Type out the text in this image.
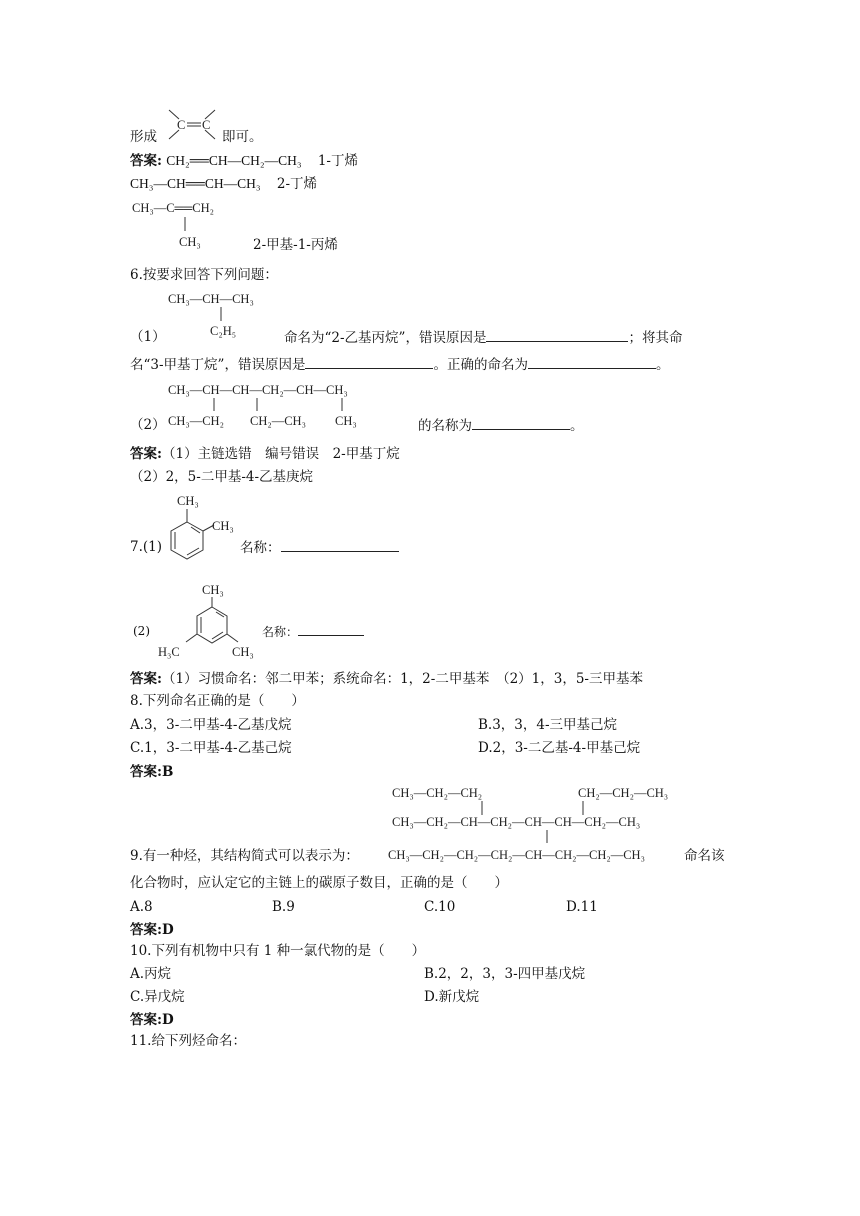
形成
C C
即可。
答案: CH₂══CH—CH₂—CH₃ 1-丁烯
CH₃—CH══CH—CH₃ 2-丁烯
CH₃—C══CH₂
CH₃	2-甲基-1-丙烯
6.按要求回答下列问题：
CH₃—CH—CH₃
C₂H₅
（1）	命名为“2-乙基丙烷”，错误原因是	；将其命
名“3-甲基丁烷”，错误原因是	。正确的命名为	。
CH₃—CH—CH—CH₂—CH—CH₃
CH₃—CH₂ CH₂—CH₃ CH₃
（2）	的名称为	。
答案:（1）主链选错　编号错误　2-甲基丁烷
（2）2，5-二甲基-4-乙基庚烷
CH₃
CH₃
7.(1)	名称：
CH₃
H₃C	CH₃
(2)	名称：
答案:（1）习惯命名：邻二甲苯；系统命名：1，2-二甲基苯　（2）1，3，5-三甲基苯
8.下列命名正确的是（　　）
A.3，3-二甲基-4-乙基戊烷	B.3，3，4-三甲基己烷
C.1，3-二甲基-4-乙基己烷	D.2，3-二乙基-4-甲基己烷
答案:B
CH₃—CH₂—CH₂	CH₂—CH₂—CH₃
CH₃—CH₂—CH—CH₂—CH—CH—CH₂—CH₃
9.有一种烃，其结构简式可以表示为： CH₃—CH₂—CH₂—CH₂—CH—CH₂—CH₂—CH₃	命名该
化合物时，应认定它的主链上的碳原子数目，正确的是（　　）
A.8	B.9	C.10	D.11
答案:D
10.下列有机物中只有 1 种一氯代物的是（　　）
A.丙烷	B.2，2，3，3-四甲基戊烷
C.异戊烷	D.新戊烷
答案:D
11.给下列烃命名：
